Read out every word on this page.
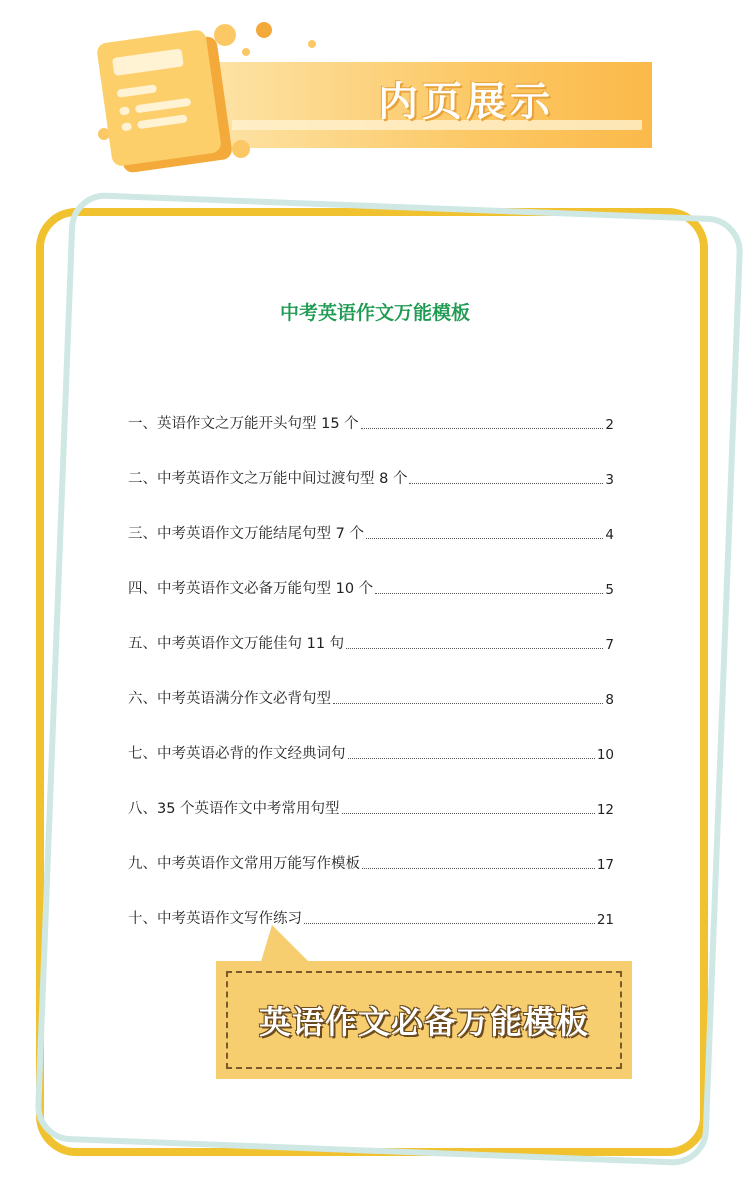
内页展示
中考英语作文万能模板
一、英语作文之万能开头句型 15 个	2
二、中考英语作文之万能中间过渡句型 8 个	3
三、中考英语作文万能结尾句型 7 个	4
四、中考英语作文必备万能句型 10 个	5
五、中考英语作文万能佳句 11 句	7
六、中考英语满分作文必背句型	8
七、中考英语必背的作文经典词句	10
八、35 个英语作文中考常用句型	12
九、中考英语作文常用万能写作模板	17
十、中考英语作文写作练习	21
英语作文必备万能模板
